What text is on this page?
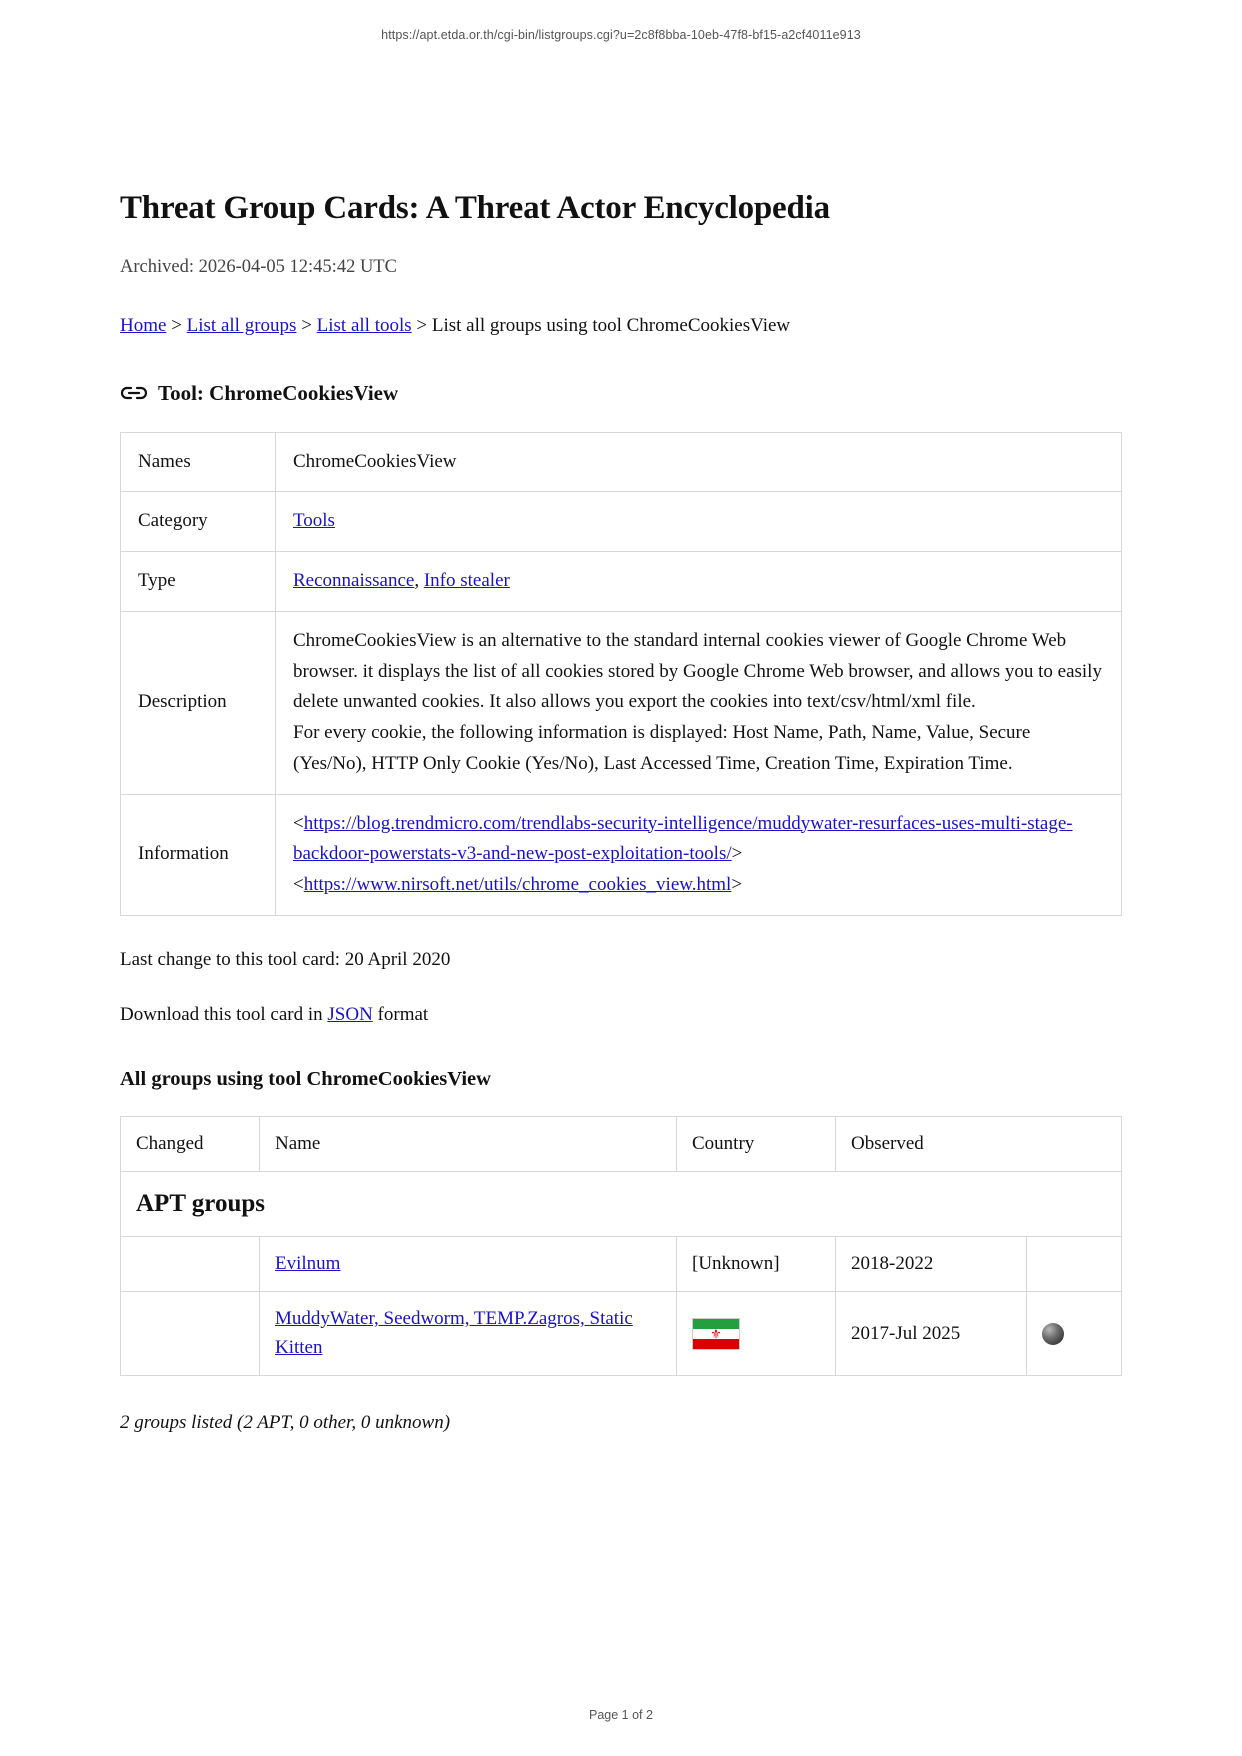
https://apt.etda.or.th/cgi-bin/listgroups.cgi?u=2c8f8bba-10eb-47f8-bf15-a2cf4011e913
Threat Group Cards: A Threat Actor Encyclopedia
Archived: 2026-04-05 12:45:42 UTC
Home > List all groups > List all tools > List all groups using tool ChromeCookiesView
Tool: ChromeCookiesView
Names	ChromeCookiesView
Category	Tools
Type	Reconnaissance, Info stealer
Description	ChromeCookiesView is an alternative to the standard internal cookies viewer of Google Chrome Web browser. it displays the list of all cookies stored by Google Chrome Web browser, and allows you to easily delete unwanted cookies. It also allows you export the cookies into text/csv/html/xml file.

For every cookie, the following information is displayed: Host Name, Path, Name, Value, Secure (Yes/No), HTTP Only Cookie (Yes/No), Last Accessed Time, Creation Time, Expiration Time.

Information	<https://blog.trendmicro.com/trendlabs-security-intelligence/muddywater-resurfaces-uses-multi-stage-backdoor-powerstats-v3-and-new-post-exploitation-tools/>
<https://www.nirsoft.net/utils/chrome_cookies_view.html>
Last change to this tool card: 20 April 2020
Download this tool card in JSON format
All groups using tool ChromeCookiesView
Changed	Name	Country	Observed	
APT groups				
	Evilnum	[Unknown]	2018-2022	
	MuddyWater, Seedworm, TEMP.Zagros, Static Kitten	⚜	2017-Jul 2025	
2 groups listed (2 APT, 0 other, 0 unknown)
Page 1 of 2
